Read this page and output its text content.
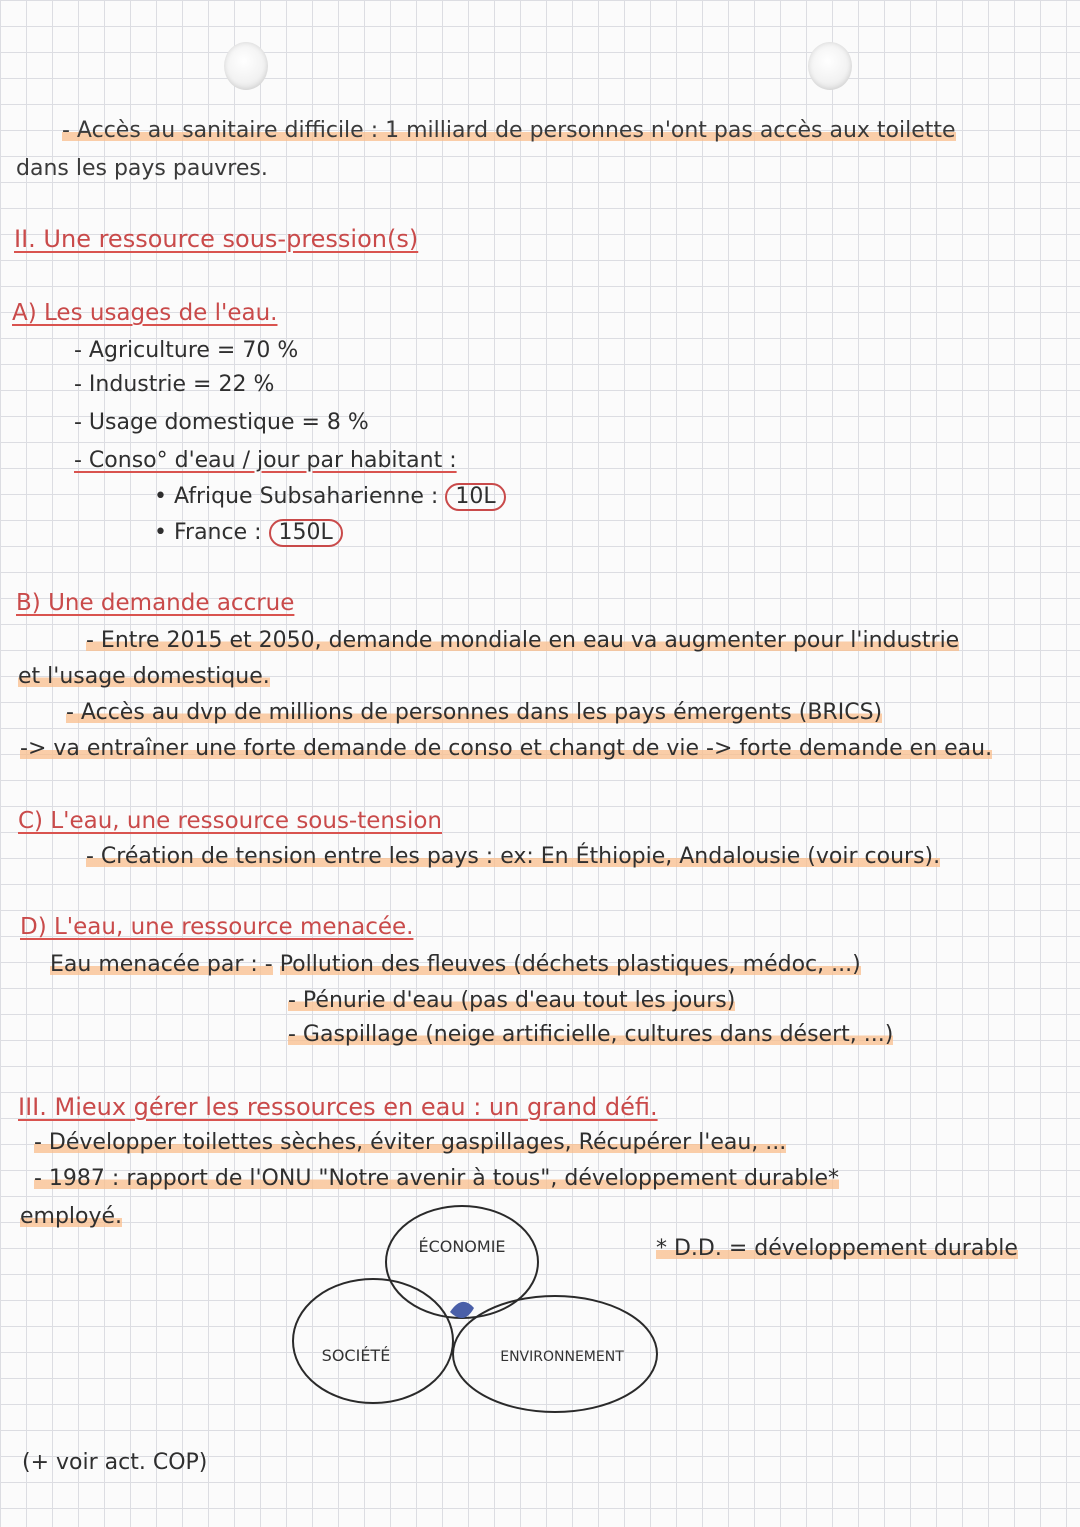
- Accès au sanitaire difficile : 1 milliard de personnes n'ont pas accès aux toilette
dans les pays pauvres.
II. Une ressource sous-pression(s)
A) Les usages de l'eau.
- Agriculture = 70 %
- Industrie = 22 %
- Usage domestique = 8 %
- Conso° d'eau / jour par habitant :
• Afrique Subsaharienne : 10L
• France : 150L
B) Une demande accrue
- Entre 2015 et 2050, demande mondiale en eau va augmenter pour l'industrie
et l'usage domestique.
- Accès au dvp de millions de personnes dans les pays émergents (BRICS)
-> va entraîner une forte demande de conso et changt de vie -> forte demande en eau.
C) L'eau, une ressource sous-tension
- Création de tension entre les pays : ex: En Éthiopie, Andalousie (voir cours).
D) L'eau, une ressource menacée.
Eau menacée par : - Pollution des fleuves (déchets plastiques, médoc, ...)
- Pénurie d'eau (pas d'eau tout les jours)
- Gaspillage (neige artificielle, cultures dans désert, ...)
III. Mieux gérer les ressources en eau : un grand défi.
- Développer toilettes sèches, éviter gaspillages, Récupérer l'eau, ...
- 1987 : rapport de l'ONU "Notre avenir à tous", développement durable*
employé.
* D.D. = développement durable
ÉCONOMIE
SOCIÉTÉ	ENVIRONNEMENT
(+ voir act. COP)
